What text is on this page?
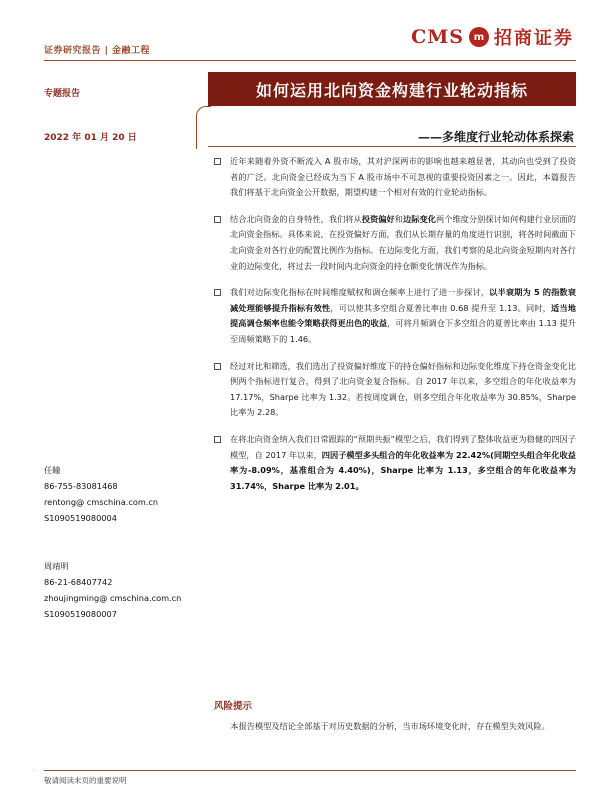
证券研究报告 | 金融工程
CMS m 招商证券
专题报告	如何运用北向资金构建行业轮动指标
2022 年 01 月 20 日	——多维度行业轮动体系探索
近年来随着外资不断流入 A 股市场，其对沪深两市的影响也越来越显著，其动向也受到了投资者的广泛。北向资金已经成为当下 A 股市场中不可忽视的重要投资因素之一。因此，本篇报告我们将基于北向资金公开数据，期望构建一个相对有效的行业轮动指标。
结合北向资金的自身特性，我们将从投资偏好和边际变化两个维度分别探讨如何构建行业层面的北向资金指标。具体来说，在投资偏好方面，我们从长期存量的角度进行识别，将各时间截面下北向资金对各行业的配置比例作为指标。在边际变化方面，我们考察的是北向资金短期内对各行业的边际变化，将过去一段时间内北向资金的持仓额变化情况作为指标。
我们对边际变化指标在时间维度赋权和调仓频率上进行了进一步探讨，以半衰期为 5 的指数衰减处理能够提升指标有效性，可以使其多空组合夏普比率由 0.68 提升至 1.13。同时，适当地提高调仓频率也能令策略获得更出色的收益，可将月频调仓下多空组合的夏普比率由 1.13 提升至周频策略下的 1.46。
经过对比和筛选，我们选出了投资偏好维度下的持仓偏好指标和边际变化维度下持仓资金变化比例两个指标进行复合，得到了北向资金复合指标。自 2017 年以来，多空组合的年化收益率为 17.17%，Sharpe 比率为 1.32。若按周度调仓，则多空组合年化收益率为 30.85%，Sharpe 比率为 2.28。
在将北向资金纳入我们日常跟踪的“预期共振”模型之后，我们得到了整体收益更为稳健的四因子模型，自 2017 年以来，四因子模型多头组合的年化收益率为 22.42%(同期空头组合年化收益率为-8.09%，基准组合为 4.40%)，Sharpe 比率为 1.13，多空组合的年化收益率为 31.74%，Sharpe 比率为 2.01。
任瞳
86-755-83081468
rentong@ cmschina.com.cn
S1090519080004
周靖明
86-21-68407742
zhoujingming@ cmschina.com.cn
S1090519080007
风险提示
本报告模型及结论全部基于对历史数据的分析，当市场环境变化时，存在模型失效风险。
敬请阅读末页的重要说明
